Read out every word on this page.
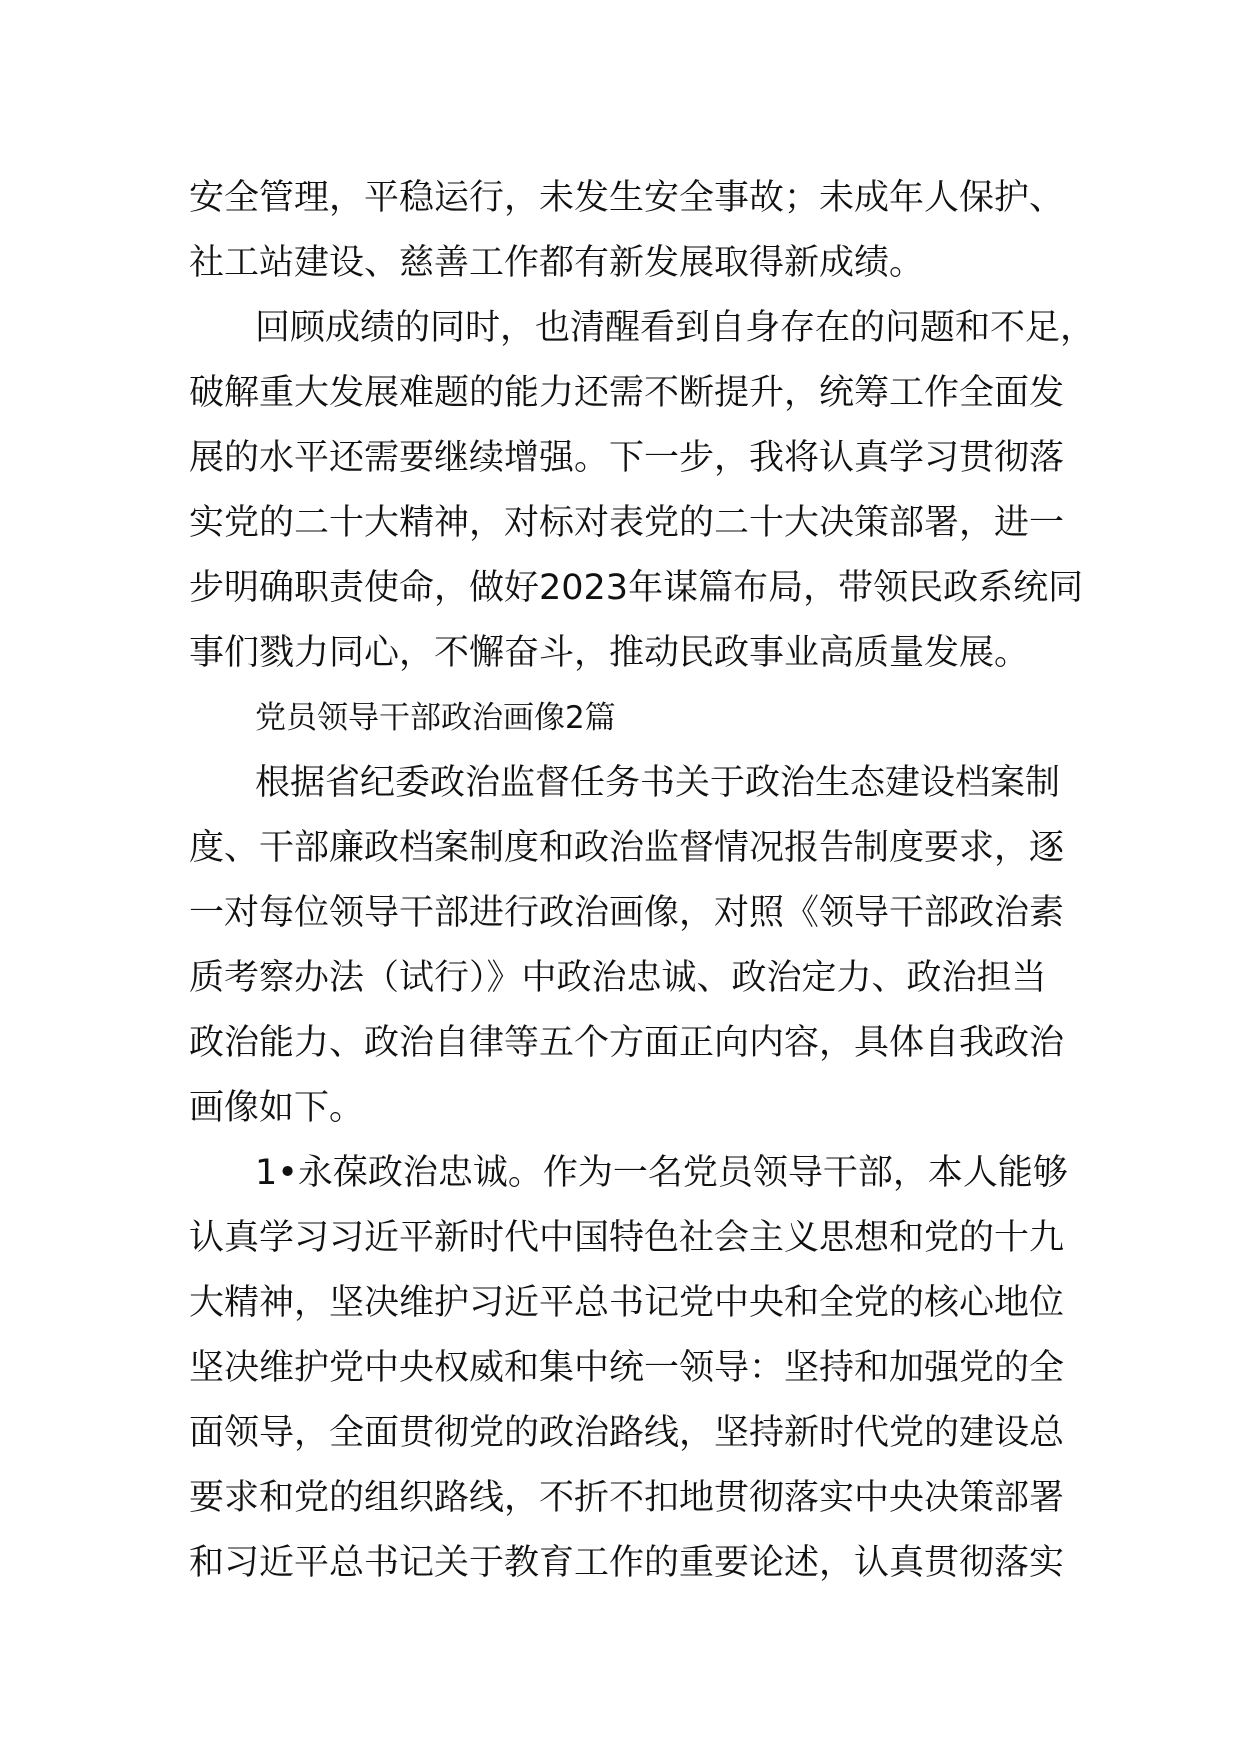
安全管理，平稳运行，未发生安全事故；未成年人保护、
社工站建设、慈善工作都有新发展取得新成绩。
回顾成绩的同时，也清醒看到自身存在的问题和不足，
破解重大发展难题的能力还需不断提升，统筹工作全面发
展的水平还需要继续增强。下一步，我将认真学习贯彻落
实党的二十大精神，对标对表党的二十大决策部署，进一
步明确职责使命，做好2023年谋篇布局，带领民政系统同
事们戮力同心，不懈奋斗，推动民政事业高质量发展。
党员领导干部政治画像2篇
根据省纪委政治监督任务书关于政治生态建设档案制
度、干部廉政档案制度和政治监督情况报告制度要求，逐
一对每位领导干部进行政治画像，对照《领导干部政治素
质考察办法（试行）》中政治忠诚、政治定力、政治担当
政治能力、政治自律等五个方面正向内容，具体自我政治
画像如下。
1•永葆政治忠诚。作为一名党员领导干部，本人能够
认真学习习近平新时代中国特色社会主义思想和党的十九
大精神，坚决维护习近平总书记党中央和全党的核心地位
坚决维护党中央权威和集中统一领导：坚持和加强党的全
面领导，全面贯彻党的政治路线，坚持新时代党的建设总
要求和党的组织路线，不折不扣地贯彻落实中央决策部署
和习近平总书记关于教育工作的重要论述，认真贯彻落实
